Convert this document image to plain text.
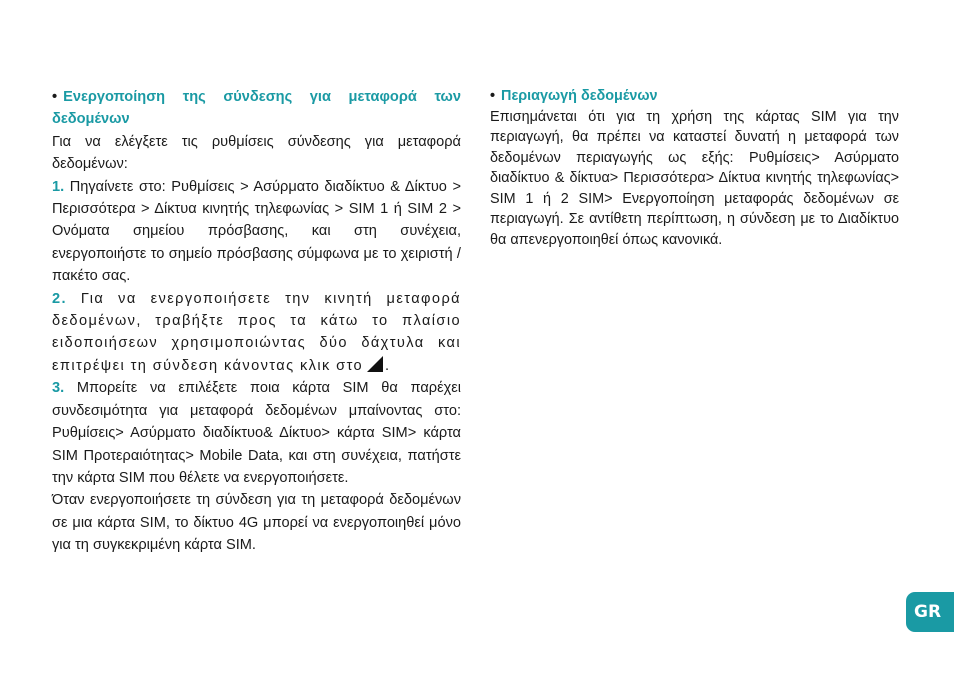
• Ενεργοποίηση της σύνδεσης για μεταφορά των δεδομένων

Για να ελέγξετε τις ρυθμίσεις σύνδεσης για μεταφορά δεδομένων:

1. Πηγαίνετε στο: Ρυθμίσεις > Ασύρματο διαδίκτυο & Δίκτυο > Περισσότερα > Δίκτυα κινητής τηλεφωνίας > SIM 1 ή SIM 2 > Ονόματα σημείου πρόσβασης, και στη συνέχεια, ενεργοποιήστε το σημείο πρόσβασης σύμφωνα με το χειριστή / πακέτο σας.

2. Για να ενεργοποιήσετε την κινητή μεταφορά δεδομένων, τραβήξτε προς τα κάτω το πλαίσιο ειδοποιήσεων χρησιμοποιώντας δύο δάχτυλα και επιτρέψει τη σύνδεση κάνοντας κλικ στο .

3. Μπορείτε να επιλέξετε ποια κάρτα SIM θα παρέχει συνδεσιμότητα για μεταφορά δεδομένων μπαίνοντας στο: Ρυθμίσεις> Ασύρματο διαδίκτυο& Δίκτυο> κάρτα SIM> κάρτα SIM Προτεραιότητας> Mobile Data, και στη συνέχεια, πατήστε την κάρτα SIM που θέλετε να ενεργοποιήσετε.

Όταν ενεργοποιήσετε τη σύνδεση για τη μεταφορά δεδομένων σε μια κάρτα SIM, το δίκτυο 4G μπορεί να ενεργοποιηθεί μόνο για τη συγκεκριμένη κάρτα SIM.

• Περιαγωγή δεδομένων

Επισημάνεται ότι για τη χρήση της κάρτας SIM για την περιαγωγή, θα πρέπει να καταστεί δυνατή η μεταφορά των δεδομένων περιαγωγής ως εξής: Ρυθμίσεις> Ασύρματο διαδίκτυο & δίκτυα> Περισσότερα> Δίκτυα κινητής τηλεφωνίας> SIM 1 ή 2 SIM> Ενεργοποίηση μεταφοράς δεδομένων σε περιαγωγή. Σε αντίθετη περίπτωση, η σύνδεση με το Διαδίκτυο θα απενεργοποιηθεί όπως κανονικά.

GR
